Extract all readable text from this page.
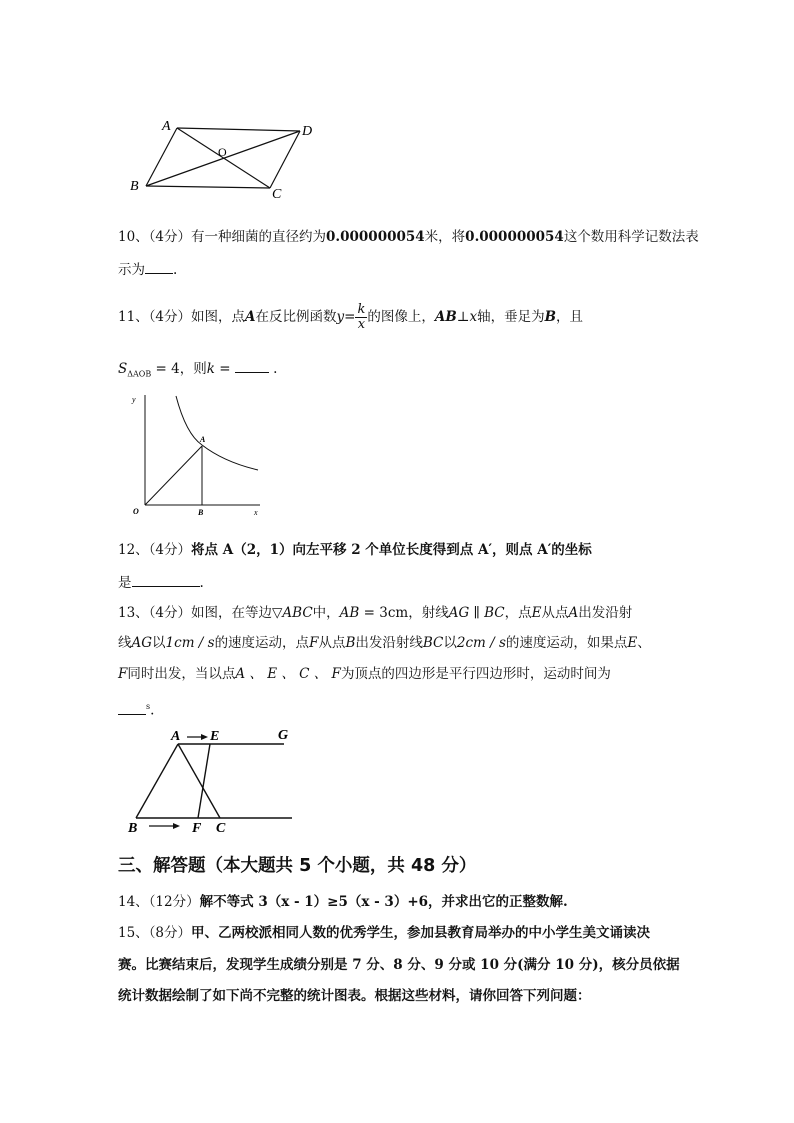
A	D
O
B
C
10、（4分）有一种细菌的直径约为0.000000054米，将0.000000054这个数用科学记数法表
示为 .
11、（4分）如图，点A在反比例函数$y= \frac{k}{x}$ 的图像上，AB⊥x轴，垂足为B，且
$S_{\Delta AOB} = 4$，则k =	.
y
x
O
A
B
12、（4分）将点 A（2，1）向左平移 2 个单位长度得到点 A′，则点 A′的坐标
是	.
13、（4分）如图，在等边▽ABC中，AB = 3cm，射线AG ∥ BC，点E从点A出发沿射
线AG以1cm / s的速度运动，点F从点B出发沿射线BC以2cm / s的速度运动，如果点E、
F同时出发，当以点A 、 E 、 C 、 F为顶点的四边形是平行四边形时，运动时间为
$^s$.
A E	G
B	F C
三、解答题（本大题共 5 个小题，共 48 分）
14、（12分）解不等式 3（x - 1）≥5（x - 3）+6，并求出它的正整数解.
15、（8分）甲、乙两校派相同人数的优秀学生，参加县教育局举办的中小学生美文诵读决
赛。比赛结束后，发现学生成绩分别是 7 分、8 分、9 分或 10 分(满分 10 分)，核分员依据
统计数据绘制了如下尚不完整的统计图表。根据这些材料，请你回答下列问题：
